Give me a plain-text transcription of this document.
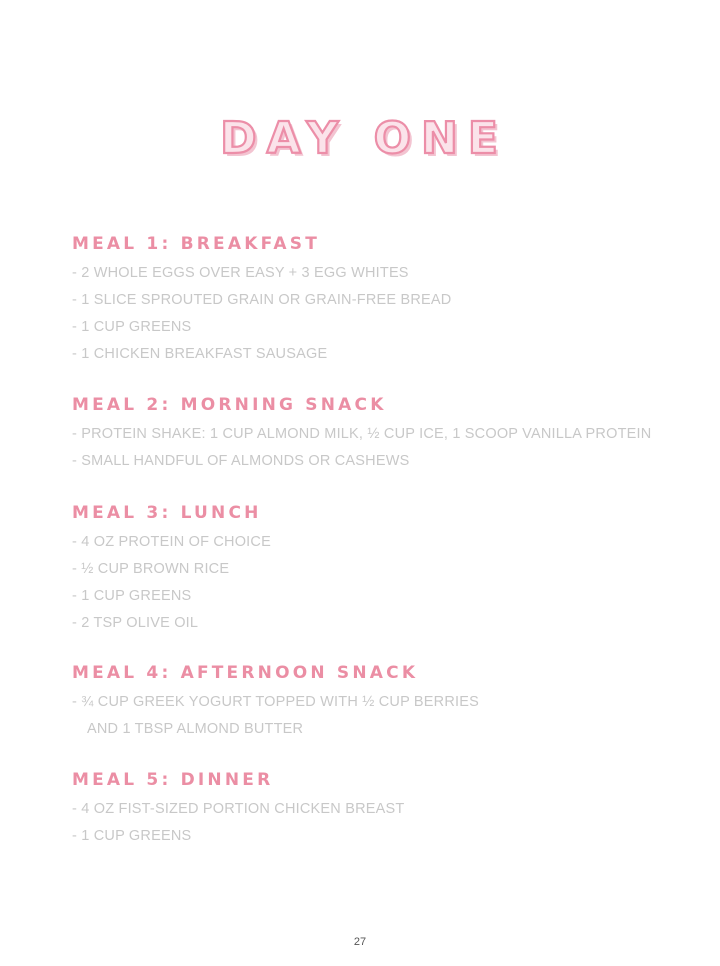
DAY ONE
MEAL 1: BREAKFAST
- 2 WHOLE EGGS OVER EASY + 3 EGG WHITES
- 1 SLICE SPROUTED GRAIN OR GRAIN-FREE BREAD
- 1 CUP GREENS
- 1 CHICKEN BREAKFAST SAUSAGE
MEAL 2: MORNING SNACK
- PROTEIN SHAKE: 1 CUP ALMOND MILK, ½ CUP ICE, 1 SCOOP VANILLA PROTEIN
- SMALL HANDFUL OF ALMONDS OR CASHEWS
MEAL 3: LUNCH
- 4 OZ PROTEIN OF CHOICE
- ½ CUP BROWN RICE
- 1 CUP GREENS
- 2 TSP OLIVE OIL
MEAL 4: AFTERNOON SNACK
- ¾ CUP GREEK YOGURT TOPPED WITH ½ CUP BERRIES
AND 1 TBSP ALMOND BUTTER
MEAL 5: DINNER
- 4 OZ FIST-SIZED PORTION CHICKEN BREAST
- 1 CUP GREENS
27
